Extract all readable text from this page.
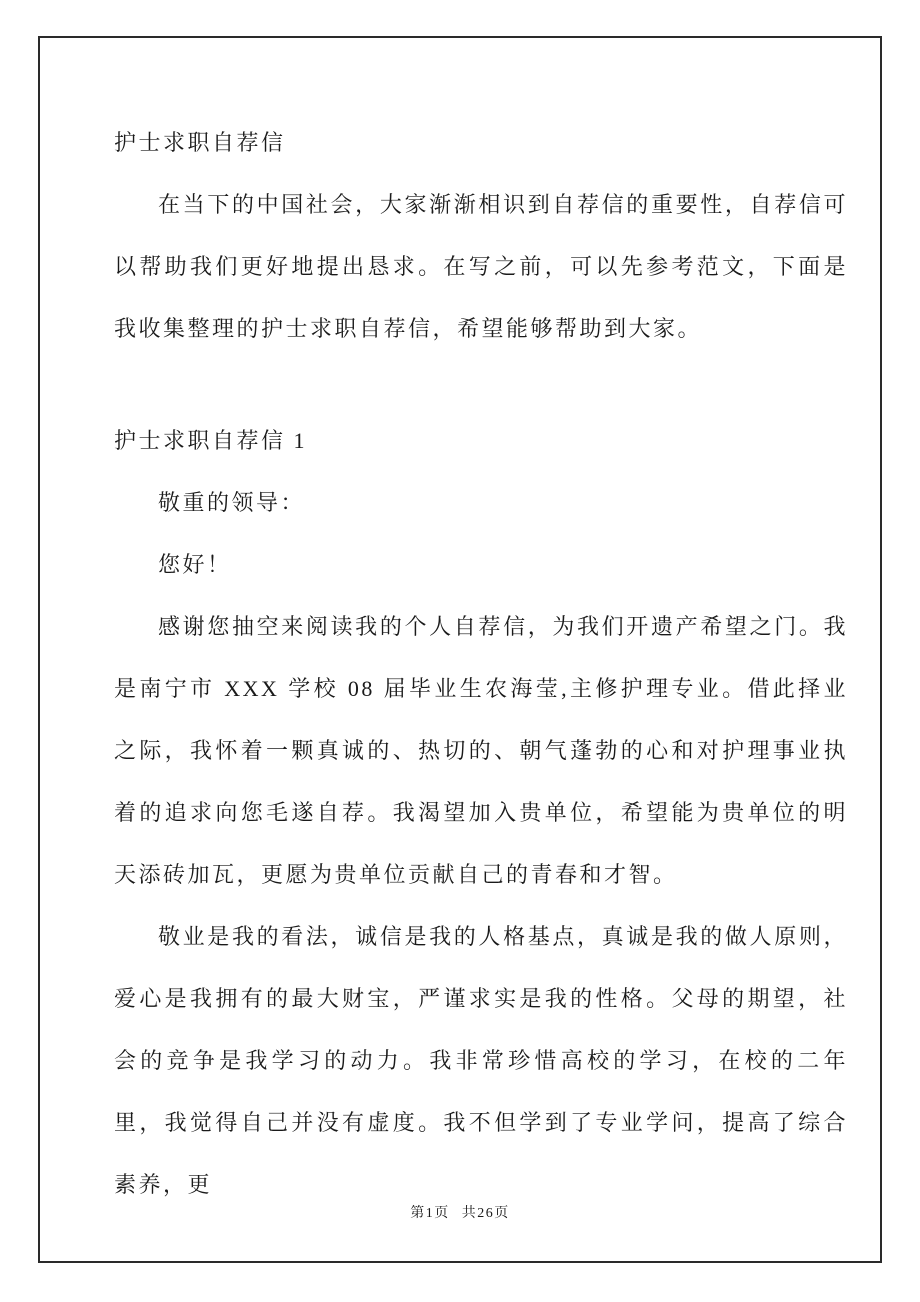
护士求职自荐信

在当下的中国社会，大家渐渐相识到自荐信的重要性，自荐信可以帮助我们更好地提出恳求。在写之前，可以先参考范文，下面是我收集整理的护士求职自荐信，希望能够帮助到大家。

护士求职自荐信 1

敬重的领导：

您好！

感谢您抽空来阅读我的个人自荐信，为我们开遗产希望之门。我是南宁市 XXX 学校 08 届毕业生农海莹,主修护理专业。借此择业之际，我怀着一颗真诚的、热切的、朝气蓬勃的心和对护理事业执着的追求向您毛遂自荐。我渴望加入贵单位，希望能为贵单位的明天添砖加瓦，更愿为贵单位贡献自己的青春和才智。

敬业是我的看法，诚信是我的人格基点，真诚是我的做人原则，爱心是我拥有的最大财宝，严谨求实是我的性格。父母的期望，社会的竞争是我学习的动力。我非常珍惜高校的学习，在校的二年里，我觉得自己并没有虚度。我不但学到了专业学问，提高了综合素养，更

第1页 共26页
